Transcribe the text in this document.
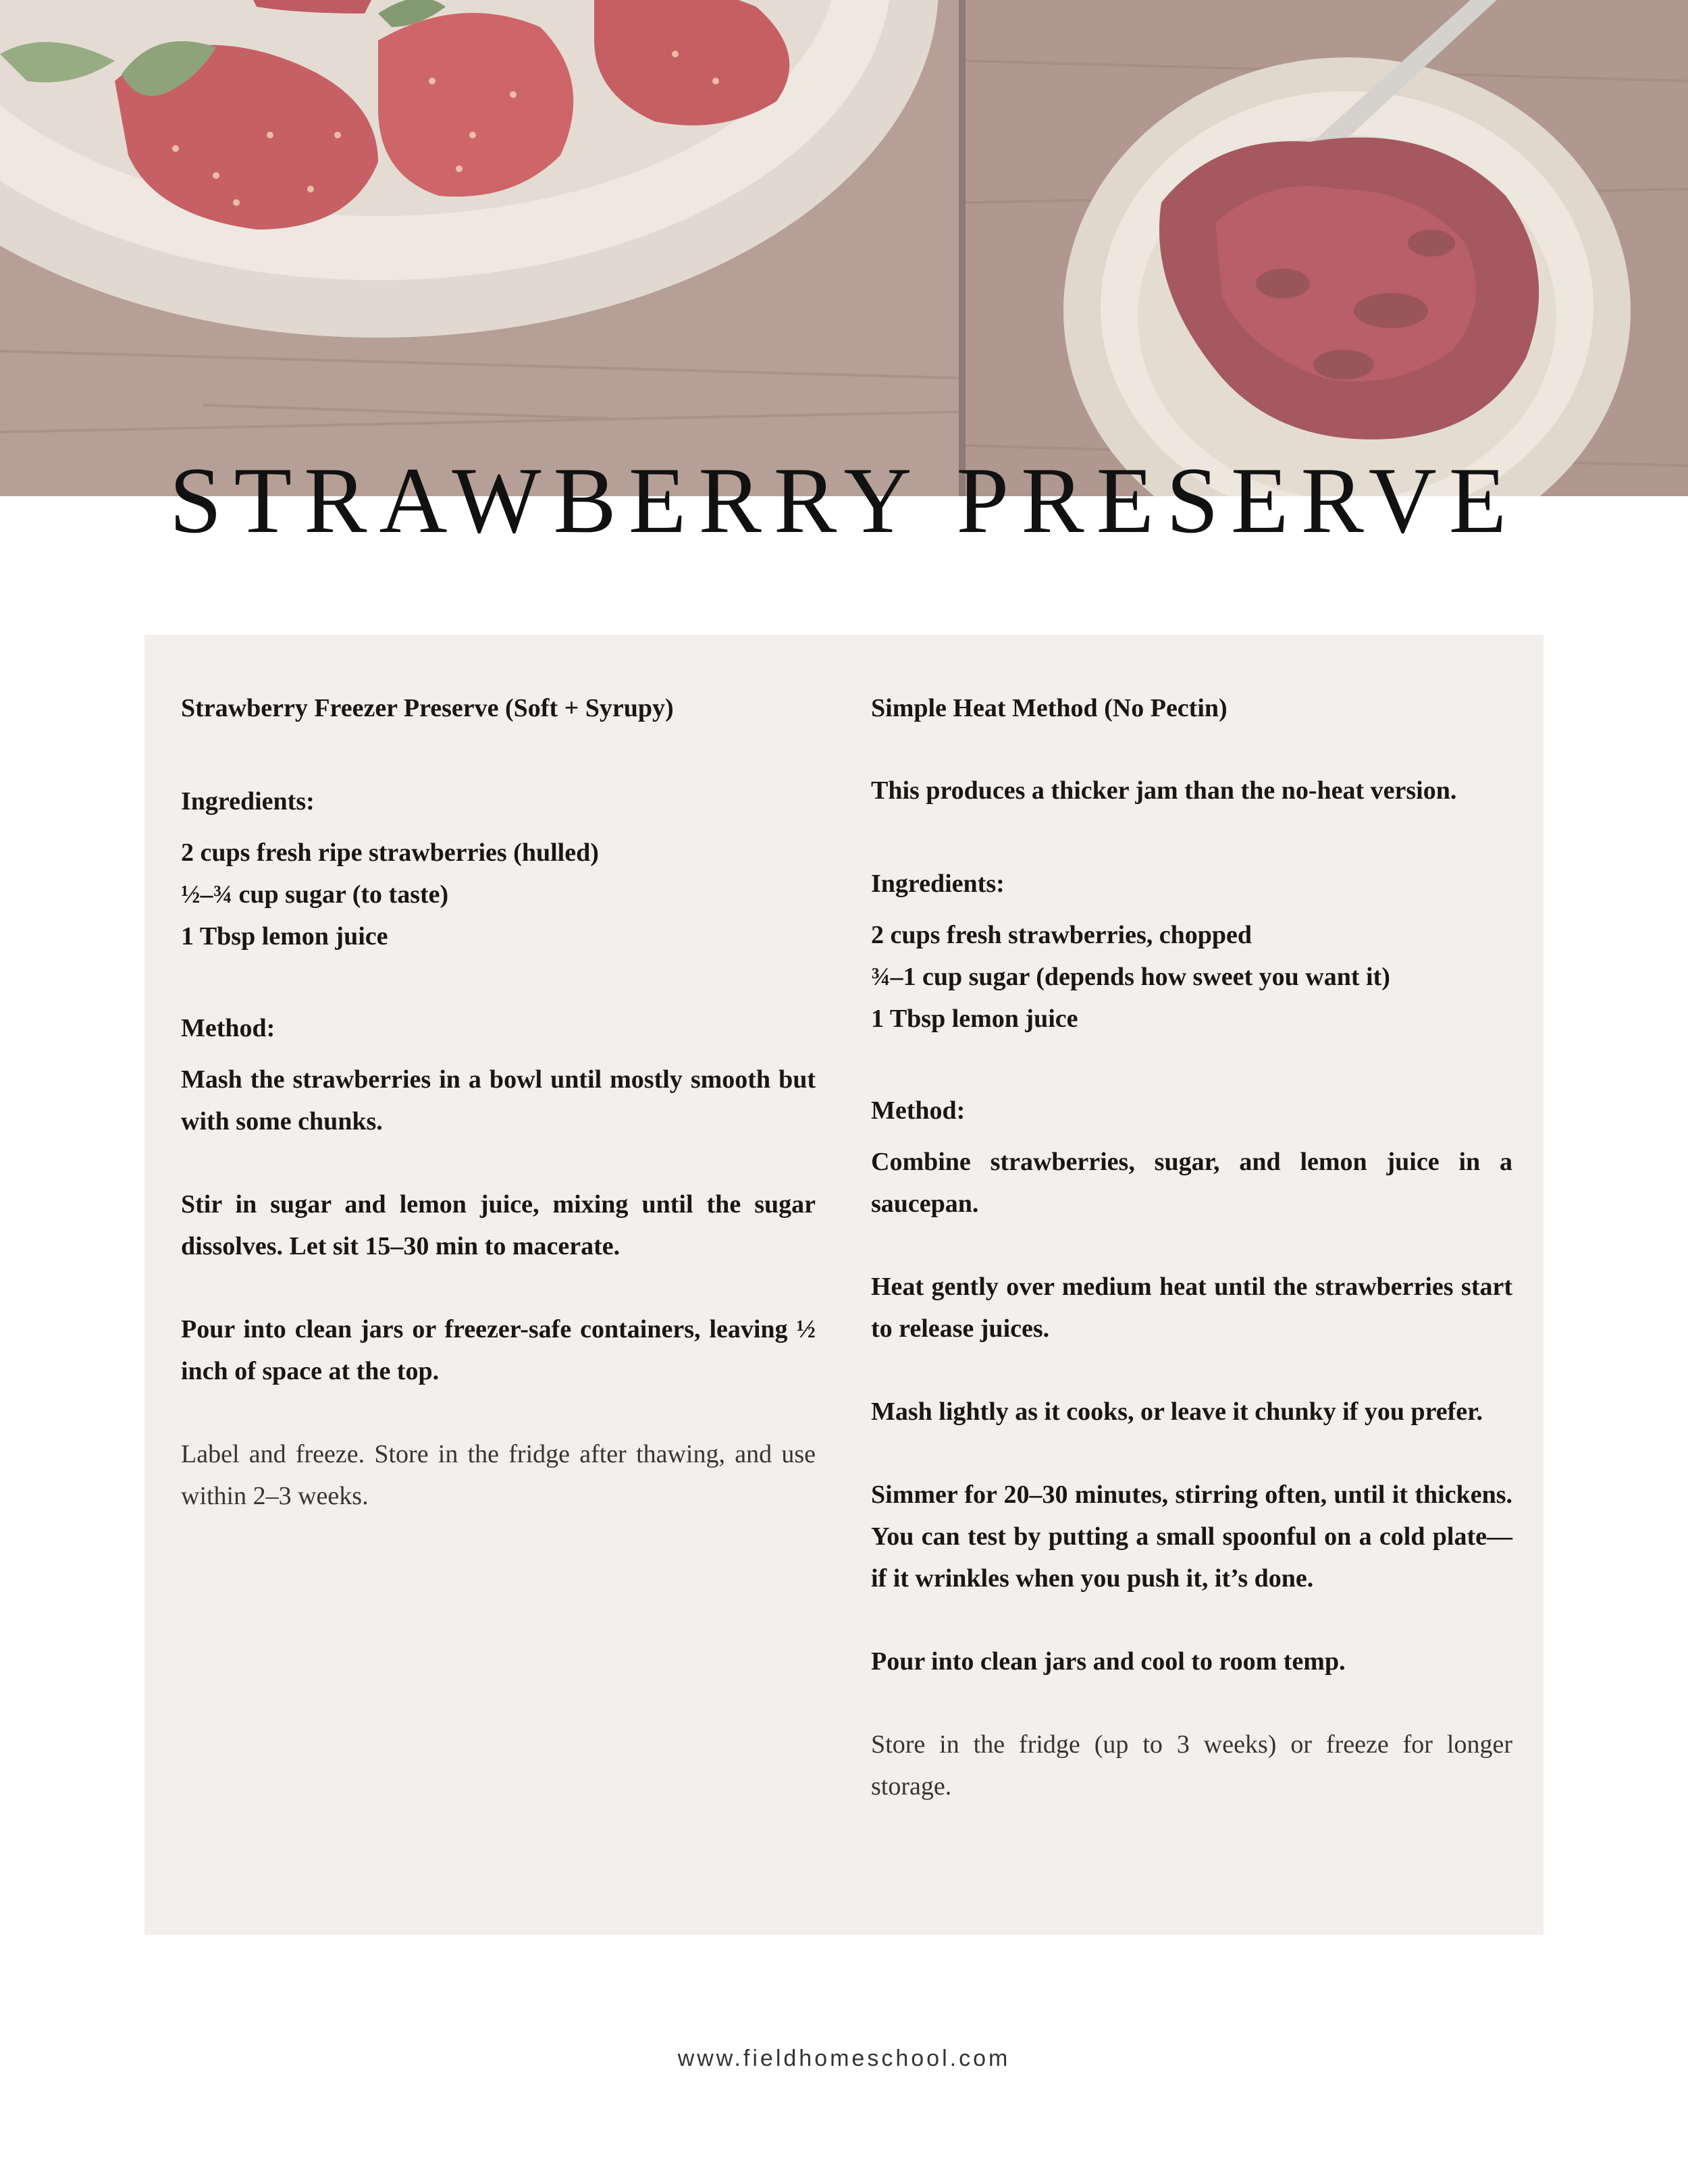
STRAWBERRY PRESERVE

Strawberry Freezer Preserve (Soft + Syrupy)

Ingredients:

2 cups fresh ripe strawberries (hulled)

½–¾ cup sugar (to taste)

1 Tbsp lemon juice

Method:

Mash the strawberries in a bowl until mostly smooth but with some chunks.

Stir in sugar and lemon juice, mixing until the sugar dissolves. Let sit 15–30 min to macerate.

Pour into clean jars or freezer-safe containers, leaving ½ inch of space at the top.

Label and freeze. Store in the fridge after thawing, and use within 2–3 weeks.

Simple Heat Method (No Pectin)

This produces a thicker jam than the no-heat version.

Ingredients:

2 cups fresh strawberries, chopped

¾–1 cup sugar (depends how sweet you want it)

1 Tbsp lemon juice

Method:

Combine strawberries, sugar, and lemon juice in a saucepan.

Heat gently over medium heat until the strawberries start to release juices.

Mash lightly as it cooks, or leave it chunky if you prefer.

Simmer for 20–30 minutes, stirring often, until it thickens. You can test by putting a small spoonful on a cold plate—if it wrinkles when you push it, it’s done.

Pour into clean jars and cool to room temp.

Store in the fridge (up to 3 weeks) or freeze for longer storage.

www.fieldhomeschool.com
